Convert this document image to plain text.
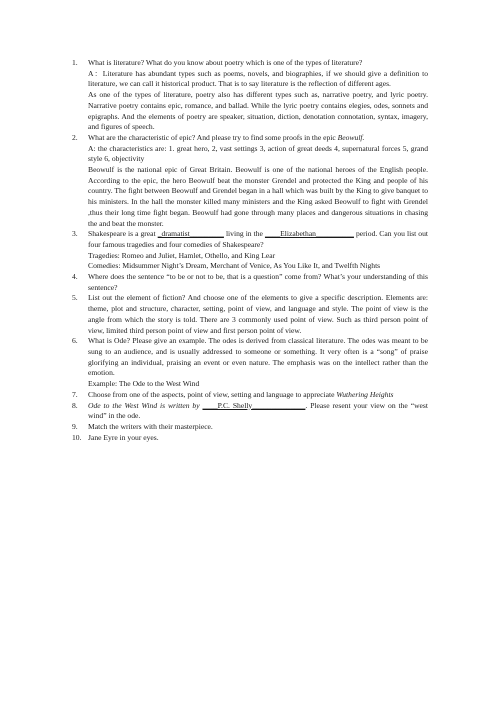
1. What is literature? What do you know about poetry which is one of the types of literature?

A：Literature has abundant types such as poems, novels, and biographies, if we should give a definition to literature, we can call it historical product. That is to say literature is the reflection of different ages.

As one of the types of literature, poetry also has different types such as, narrative poetry, and lyric poetry. Narrative poetry contains epic, romance, and ballad. While the lyric poetry contains elegies, odes, sonnets and epigraphs. And the elements of poetry are speaker, situation, diction, denotation connotation, syntax, imagery, and figures of speech.

2. What are the characteristic of epic? And please try to find some proofs in the epic Beowulf.

A: the characteristics are: 1. great hero, 2, vast settings 3, action of great deeds 4, supernatural forces 5, grand style 6, objectivity

Beowulf is the national epic of Great Britain. Beowulf is one of the national heroes of the English people. According to the epic, the hero Beowulf beat the monster Grendel and protected the King and people of his country. The fight between Beowulf and Grendel began in a hall which was built by the King to give banquet to his ministers. In the hall the monster killed many ministers and the King asked Beowulf to fight with Grendel ,thus their long time fight began. Beowulf had gone through many places and dangerous situations in chasing the and beat the monster.

3. Shakespeare is a great _dramatist_________ living in the ____Elizabethan__________ period. Can you list out four famous tragedies and four comedies of Shakespeare?

Tragedies: Romeo and Juliet, Hamlet, Othello, and King Lear

Comedies: Midsummer Night’s Dream, Merchant of Venice, As You Like It, and Twelfth Nights

4. Where does the sentence “to be or not to be, that is a question” come from? What’s your understanding of this sentence?

5. List out the element of fiction? And choose one of the elements to give a specific description. Elements are: theme, plot and structure, character, setting, point of view, and language and style. The point of view is the angle from which the story is told. There are 3 commonly used point of view. Such as third person point of view, limited third person point of view and first person point of view.

6. What is Ode? Please give an example. The odes is derived from classical literature. The odes was meant to be sung to an audience, and is usually addressed to someone or something. It very often is a “song” of praise glorifying an individual, praising an event or even nature. The emphasis was on the intellect rather than the emotion.

Example: The Ode to the West Wind

7. Choose from one of the aspects, point of view, setting and language to appreciate Wuthering Heights

8. Ode to the West Wind is written by ____P.C. Shelly______________. Please resent your view on the “west wind” in the ode.

9. Match the writers with their masterpiece.

10. Jane Eyre in your eyes.
